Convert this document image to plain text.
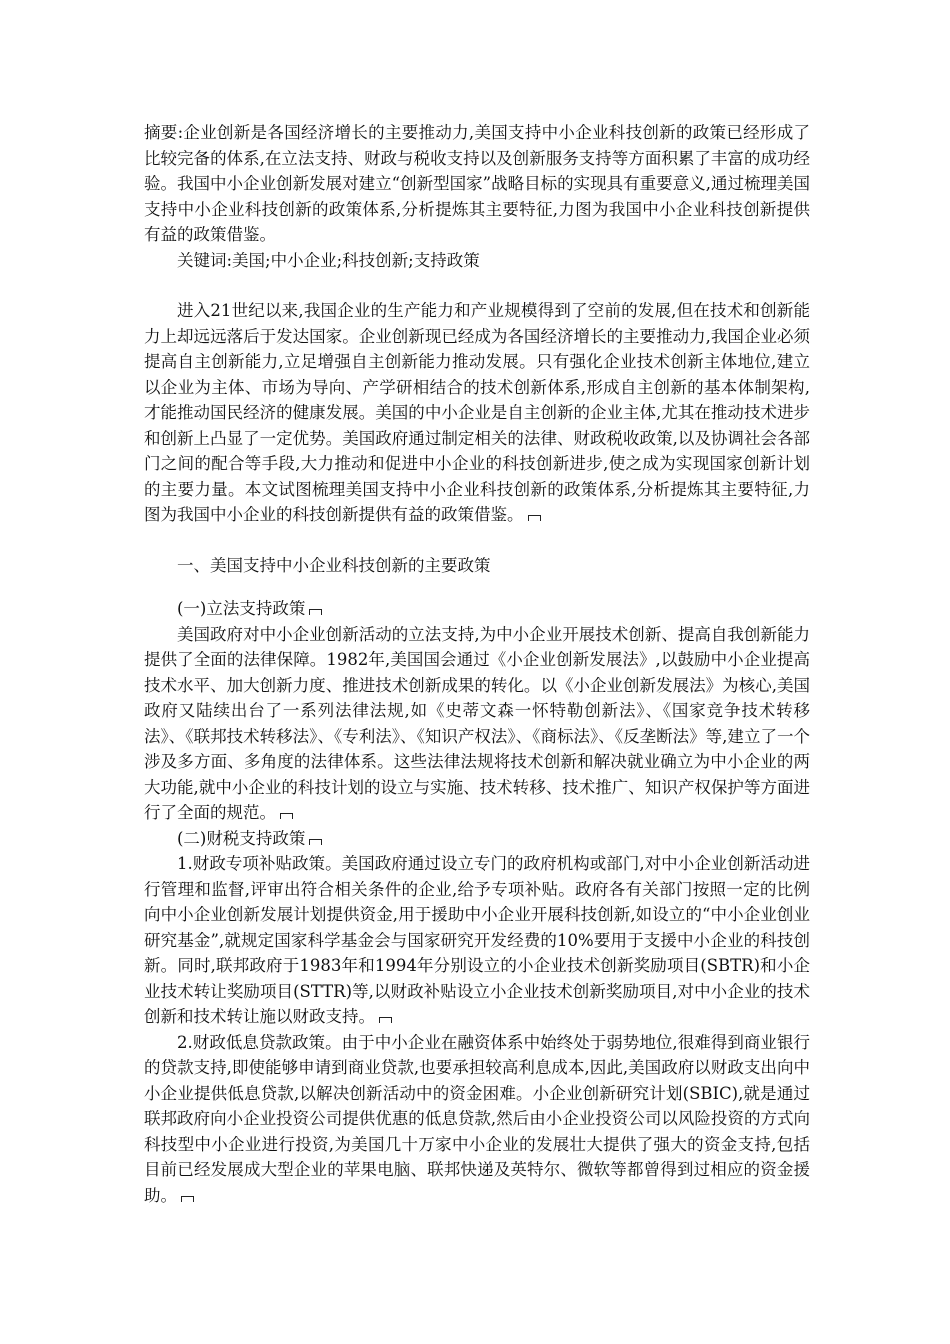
摘要:企业创新是各国经济增长的主要推动力,美国支持中小企业科技创新的政策已经形成了比较完备的体系,在立法支持、财政与税收支持以及创新服务支持等方面积累了丰富的成功经验。我国中小企业创新发展对建立“创新型国家”战略目标的实现具有重要意义,通过梳理美国支持中小企业科技创新的政策体系,分析提炼其主要特征,力图为我国中小企业科技创新提供有益的政策借鉴。

关键词:美国;中小企业;科技创新;支持政策

进入21世纪以来,我国企业的生产能力和产业规模得到了空前的发展,但在技术和创新能力上却远远落后于发达国家。企业创新现已经成为各国经济增长的主要推动力,我国企业必须提高自主创新能力,立足增强自主创新能力推动发展。只有强化企业技术创新主体地位,建立以企业为主体、市场为导向、产学研相结合的技术创新体系,形成自主创新的基本体制架构,才能推动国民经济的健康发展。美国的中小企业是自主创新的企业主体,尤其在推动技术进步和创新上凸显了一定优势。美国政府通过制定相关的法律、财政税收政策,以及协调社会各部门之间的配合等手段,大力推动和促进中小企业的科技创新进步,使之成为实现国家创新计划的主要力量。本文试图梳理美国支持中小企业科技创新的政策体系,分析提炼其主要特征,力图为我国中小企业的科技创新提供有益的政策借鉴。

一、美国支持中小企业科技创新的主要政策

(一)立法支持政策

美国政府对中小企业创新活动的立法支持,为中小企业开展技术创新、提高自我创新能力提供了全面的法律保障。1982年,美国国会通过《小企业创新发展法》,以鼓励中小企业提高技术水平、加大创新力度、推进技术创新成果的转化。以《小企业创新发展法》为核心,美国政府又陆续出台了一系列法律法规,如《史蒂文森一怀特勒创新法》、《国家竞争技术转移法》、《联邦技术转移法》、《专利法》、《知识产权法》、《商标法》、《反垄断法》等,建立了一个涉及多方面、多角度的法律体系。这些法律法规将技术创新和解决就业确立为中小企业的两大功能,就中小企业的科技计划的设立与实施、技术转移、技术推广、知识产权保护等方面进行了全面的规范。

(二)财税支持政策

1.财政专项补贴政策。美国政府通过设立专门的政府机构或部门,对中小企业创新活动进行管理和监督,评审出符合相关条件的企业,给予专项补贴。政府各有关部门按照一定的比例向中小企业创新发展计划提供资金,用于援助中小企业开展科技创新,如设立的“中小企业创业研究基金”,就规定国家科学基金会与国家研究开发经费的10%要用于支援中小企业的科技创新。同时,联邦政府于1983年和1994年分别设立的小企业技术创新奖励项目(SBTR)和小企业技术转让奖励项目(STTR)等,以财政补贴设立小企业技术创新奖励项目,对中小企业的技术创新和技术转让施以财政支持。

2.财政低息贷款政策。由于中小企业在融资体系中始终处于弱势地位,很难得到商业银行的贷款支持,即使能够申请到商业贷款,也要承担较高利息成本,因此,美国政府以财政支出向中小企业提供低息贷款,以解决创新活动中的资金困难。小企业创新研究计划(SBIC),就是通过联邦政府向小企业投资公司提供优惠的低息贷款,然后由小企业投资公司以风险投资的方式向科技型中小企业进行投资,为美国几十万家中小企业的发展壮大提供了强大的资金支持,包括目前已经发展成大型企业的苹果电脑、联邦快递及英特尔、微软等都曾得到过相应的资金援助。
